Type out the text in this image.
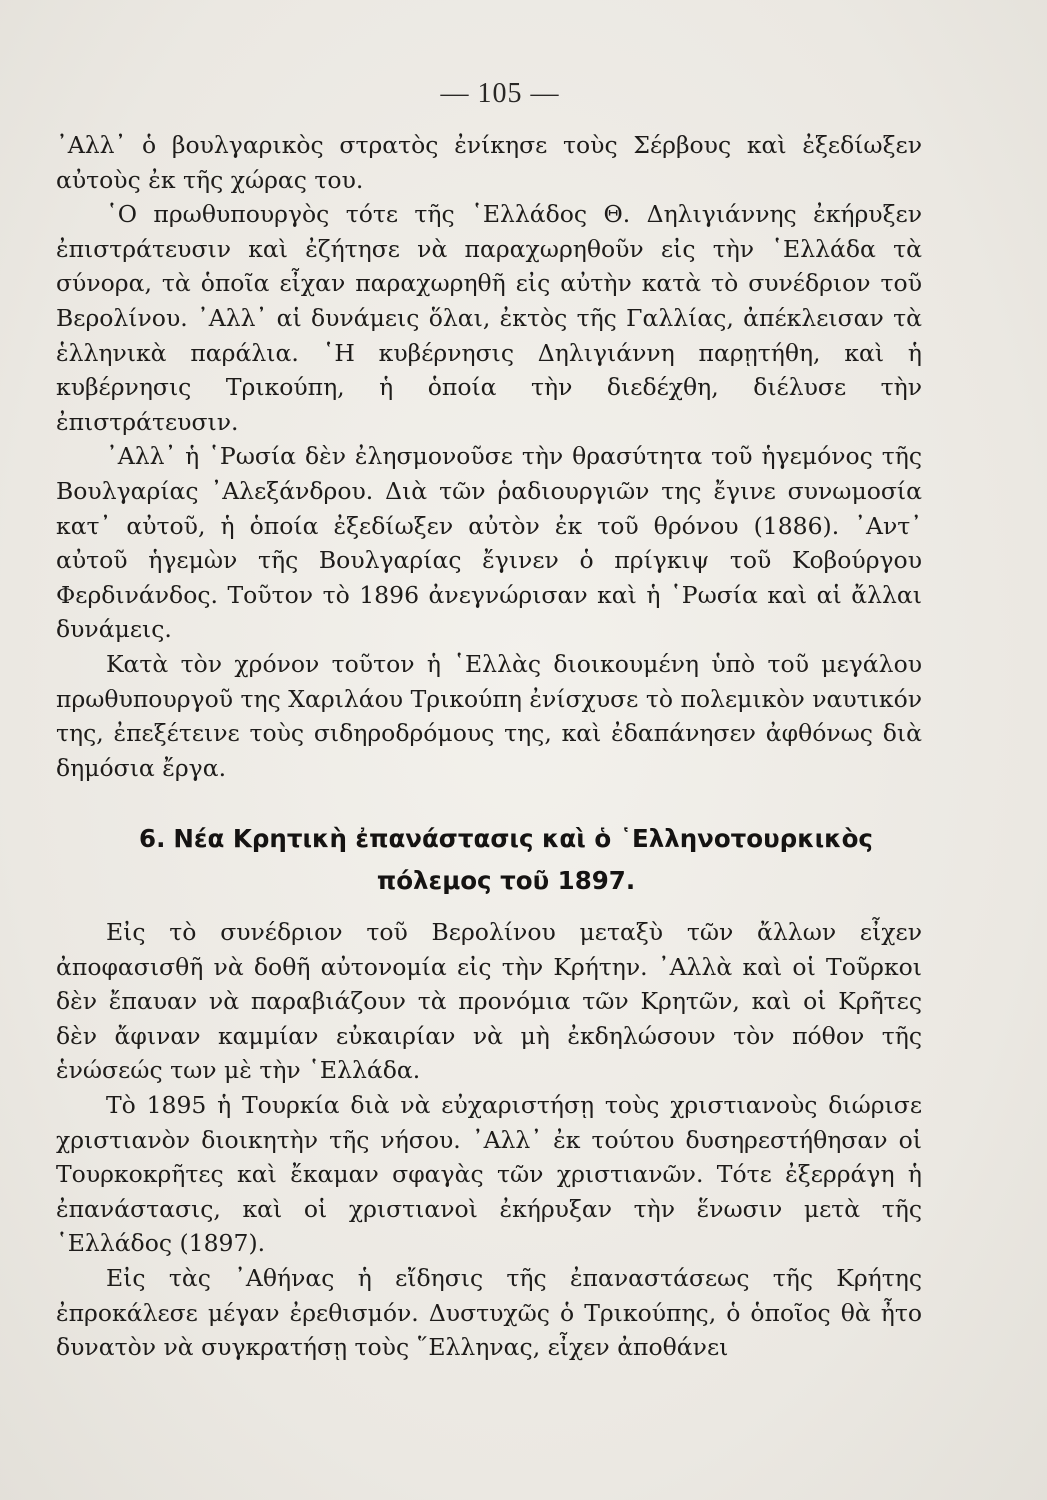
— 105 —

᾿Αλλ᾿ ὁ βουλγαρικὸς στρατὸς ἐνίκησε τοὺς Σέρβους καὶ ἐξεδίωξεν αὐτοὺς ἐκ τῆς χώρας του.

῾Ο πρωθυπουργὸς τότε τῆς ῾Ελλάδος Θ. Δηλιγιάννης ἐκήρυξεν ἐπιστράτευσιν καὶ ἐζήτησε νὰ παραχωρηθοῦν εἰς τὴν ῾Ελλάδα τὰ σύνορα, τὰ ὁποῖα εἶχαν παραχωρηθῆ εἰς αὐτὴν κατὰ τὸ συνέδριον τοῦ Βερολίνου. ᾿Αλλ᾿ αἱ δυνάμεις ὅλαι, ἐκτὸς τῆς Γαλλίας, ἀπέκλεισαν τὰ ἑλληνικὰ παράλια. ῾Η κυβέρνησις Δηλιγιάννη παρῃτήθη, καὶ ἡ κυβέρνησις Τρικούπη, ἡ ὁποία τὴν διεδέχθη, διέλυσε τὴν ἐπιστράτευσιν.

᾿Αλλ᾿ ἡ ῾Ρωσία δὲν ἐλησμονοῦσε τὴν θρασύτητα τοῦ ἡγεμόνος τῆς Βουλγαρίας ᾿Αλεξάνδρου. Διὰ τῶν ῥαδιουργιῶν της ἔγινε συνωμοσία κατ᾿ αὐτοῦ, ἡ ὁποία ἐξεδίωξεν αὐτὸν ἐκ τοῦ θρόνου (1886). ᾿Αντ᾿ αὐτοῦ ἡγεμὼν τῆς Βουλγαρίας ἔγινεν ὁ πρίγκιψ τοῦ Κοβούργου Φερδινάνδος. Τοῦτον τὸ 1896 ἀνεγνώρισαν καὶ ἡ ῾Ρωσία καὶ αἱ ἄλλαι δυνάμεις.

Κατὰ τὸν χρόνον τοῦτον ἡ ῾Ελλὰς διοικουμένη ὑπὸ τοῦ μεγάλου πρωθυπουργοῦ της Χαριλάου Τρικούπη ἐνίσχυσε τὸ πολεμικὸν ναυτικόν της, ἐπεξέτεινε τοὺς σιδηροδρόμους της, καὶ ἐδαπάνησεν ἀφθόνως διὰ δημόσια ἔργα.

6. Νέα Κρητικὴ ἐπανάστασις καὶ ὁ ῾Ελληνοτουρκικὸς
πόλεμος τοῦ 1897.

Εἰς τὸ συνέδριον τοῦ Βερολίνου μεταξὺ τῶν ἄλλων εἶχεν ἀποφασισθῆ νὰ δοθῆ αὐτονομία εἰς τὴν Κρήτην. ᾿Αλλὰ καὶ οἱ Τοῦρκοι δὲν ἔπαυαν νὰ παραβιάζουν τὰ προνόμια τῶν Κρητῶν, καὶ οἱ Κρῆτες δὲν ἄφιναν καμμίαν εὐκαιρίαν νὰ μὴ ἐκδηλώσουν τὸν πόθον τῆς ἑνώσεώς των μὲ τὴν ῾Ελλάδα.

Τὸ 1895 ἡ Τουρκία διὰ νὰ εὐχαριστήσῃ τοὺς χριστιανοὺς διώρισε χριστιανὸν διοικητὴν τῆς νήσου. ᾿Αλλ᾿ ἐκ τούτου δυσηρεστήθησαν οἱ Τουρκοκρῆτες καὶ ἔκαμαν σφαγὰς τῶν χριστιανῶν. Τότε ἐξερράγη ἡ ἐπανάστασις, καὶ οἱ χριστιανοὶ ἐκήρυξαν τὴν ἕνωσιν μετὰ τῆς ῾Ελλάδος (1897).

Εἰς τὰς ᾿Αθήνας ἡ εἴδησις τῆς ἐπαναστάσεως τῆς Κρήτης ἐπροκάλεσε μέγαν ἐρεθισμόν. Δυστυχῶς ὁ Τρικούπης, ὁ ὁποῖος θὰ ἦτο δυνατὸν νὰ συγκρατήσῃ τοὺς ῞Ελληνας, εἶχεν ἀποθάνει
